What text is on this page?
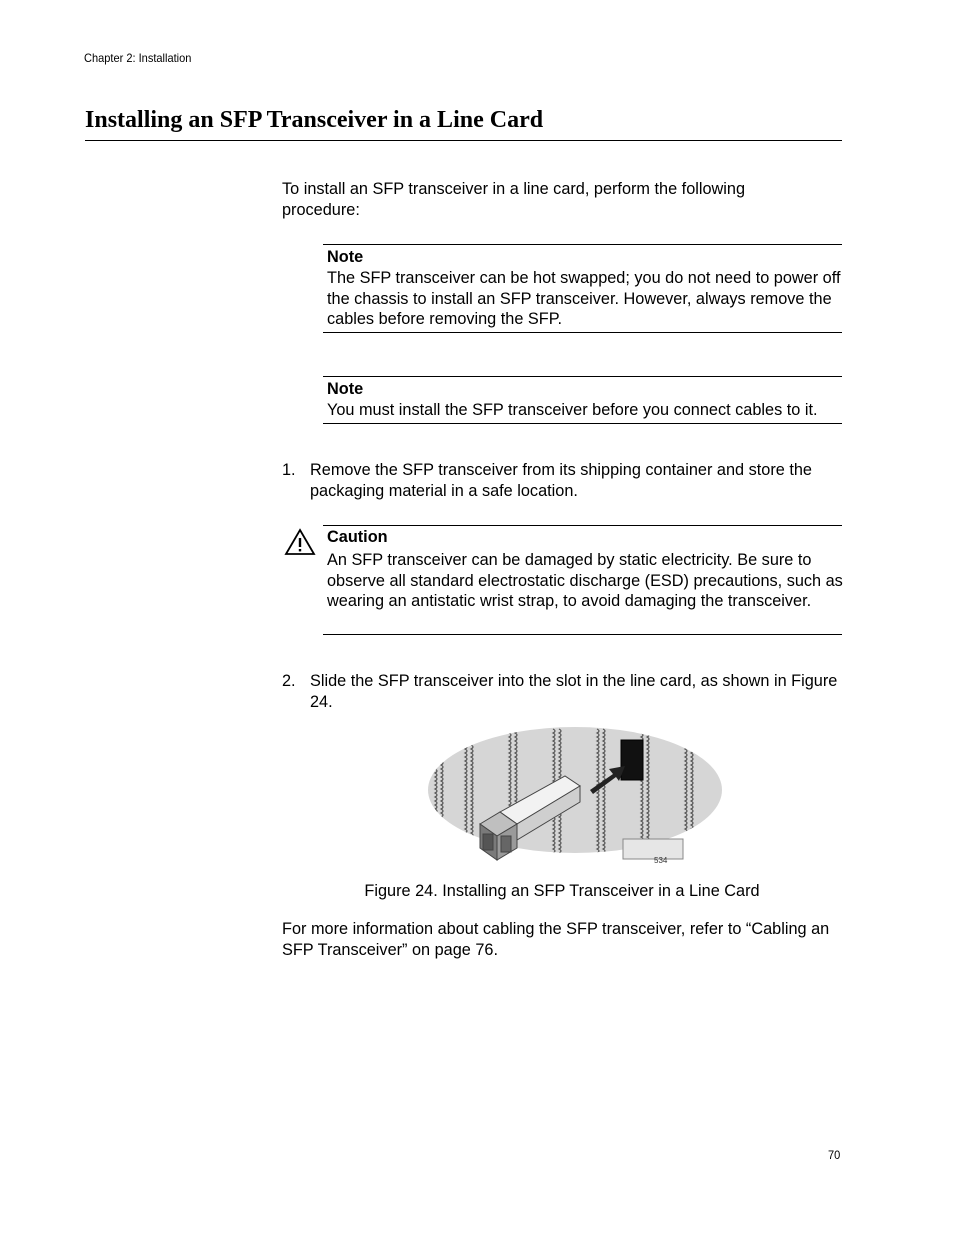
Chapter 2: Installation
Installing an SFP Transceiver in a Line Card
To install an SFP transceiver in a line card, perform the following procedure:
Note
The SFP transceiver can be hot swapped; you do not need to power off the chassis to install an SFP transceiver. However, always remove the cables before removing the SFP.
Note
You must install the SFP transceiver before you connect cables to it.
1. Remove the SFP transceiver from its shipping container and store the packaging material in a safe location.
Caution
An SFP transceiver can be damaged by static electricity. Be sure to observe all standard electrostatic discharge (ESD) precautions, such as wearing an antistatic wrist strap, to avoid damaging the transceiver.
2. Slide the SFP transceiver into the slot in the line card, as shown in Figure 24.
534
Figure 24. Installing an SFP Transceiver in a Line Card
For more information about cabling the SFP transceiver, refer to “Cabling an SFP Transceiver” on page 76.
70
